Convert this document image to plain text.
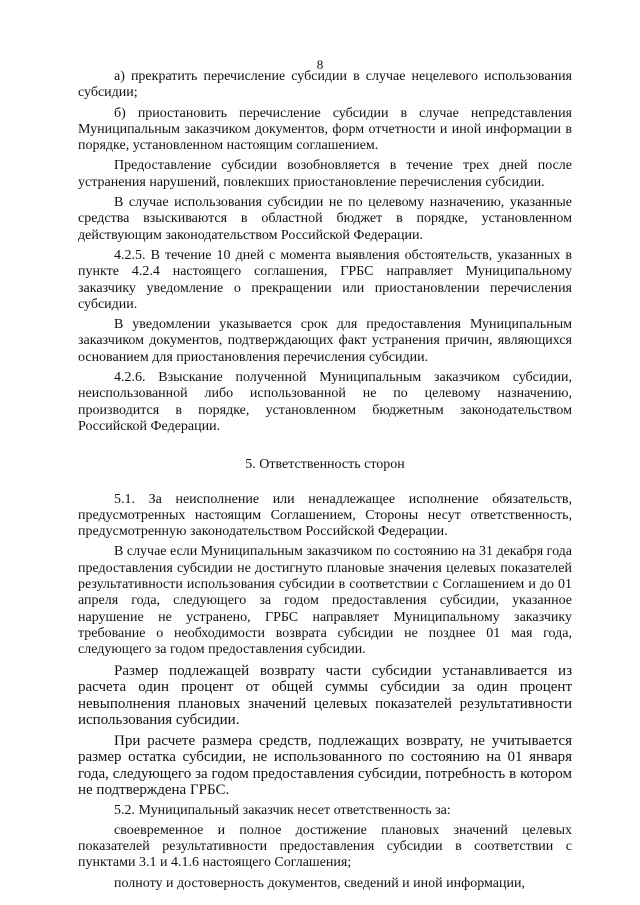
8

а) прекратить перечисление субсидии в случае нецелевого использования субсидии;

б) приостановить перечисление субсидии в случае непредставления Муниципальным заказчиком документов, форм отчетности и иной информации в порядке, установленном настоящим соглашением.

Предоставление субсидии возобновляется в течение трех дней после устранения нарушений, повлекших приостановление перечисления субсидии.

В случае использования субсидии не по целевому назначению, указанные средства взыскиваются в областной бюджет в порядке, установленном действующим законодательством Российской Федерации.

4.2.5. В течение 10 дней с момента выявления обстоятельств, указанных в пункте 4.2.4 настоящего соглашения, ГРБС направляет Муниципальному заказчику уведомление о прекращении или приостановлении перечисления субсидии.

В уведомлении указывается срок для предоставления Муниципальным заказчиком документов, подтверждающих факт устранения причин, являющихся основанием для приостановления перечисления субсидии.

4.2.6. Взыскание полученной Муниципальным заказчиком субсидии, неиспользованной либо использованной не по целевому назначению, производится в порядке, установленном бюджетным законодательством Российской Федерации.

5. Ответственность сторон

5.1. За неисполнение или ненадлежащее исполнение обязательств, предусмотренных настоящим Соглашением, Стороны несут ответственность, предусмотренную законодательством Российской Федерации.

В случае если Муниципальным заказчиком по состоянию на 31 декабря года предоставления субсидии не достигнуто плановые значения целевых показателей результативности использования субсидии в соответствии с Соглашением и до 01 апреля года, следующего за годом предоставления субсидии, указанное нарушение не устранено, ГРБС направляет Муниципальному заказчику требование о необходимости возврата субсидии не позднее 01 мая года, следующего за годом предоставления субсидии.

Размер подлежащей возврату части субсидии устанавливается из расчета один процент от общей суммы субсидии за один процент невыполнения плановых значений целевых показателей результативности использования субсидии.

При расчете размера средств, подлежащих возврату, не учитывается размер остатка субсидии, не использованного по состоянию на 01 января года, следующего за годом предоставления субсидии, потребность в котором не подтверждена ГРБС.

5.2. Муниципальный заказчик несет ответственность за:

своевременное и полное достижение плановых значений целевых показателей результативности предоставления субсидии в соответствии с пунктами 3.1 и 4.1.6 настоящего Соглашения;

полноту и достоверность документов, сведений и иной информации,
